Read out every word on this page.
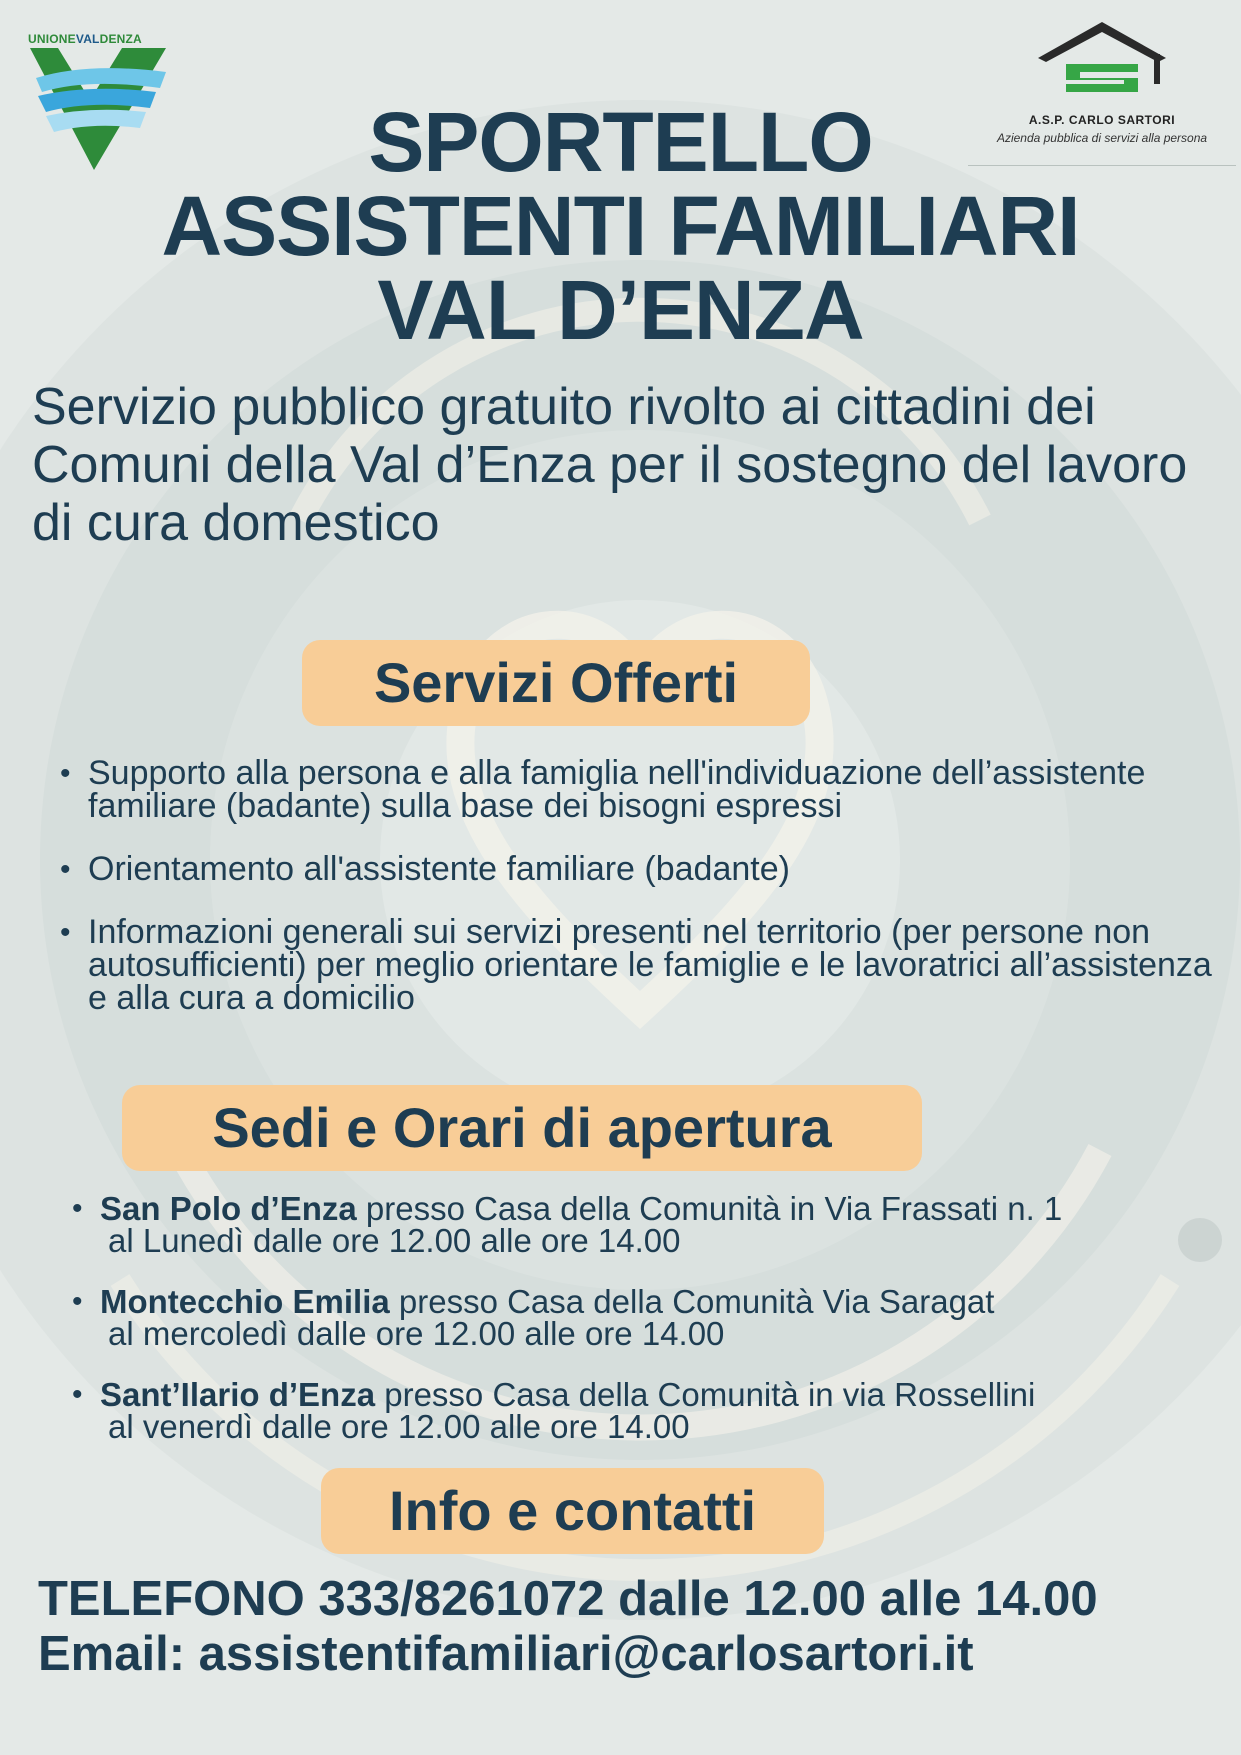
UNIONEVALDENZA
A.S.P. CARLO SARTORI
Azienda pubblica di servizi alla persona
SPORTELLO
ASSISTENTI FAMILIARI
VAL D’ENZA

Servizio pubblico gratuito rivolto ai cittadini dei Comuni della Val d’Enza per il sostegno del lavoro di cura domestico

Servizi Offerti
• Supporto alla persona e alla famiglia nell'individuazione dell’assistente familiare (badante) sulla base dei bisogni espressi
• Orientamento all'assistente familiare (badante)
• Informazioni generali sui servizi presenti nel territorio (per persone non autosufficienti) per meglio orientare le famiglie e le lavoratrici all’assistenza e alla cura a domicilio
Sedi e Orari di apertura
• San Polo d’Enza presso Casa della Comunità in Via Frassati n. 1
al Lunedì dalle ore 12.00 alle ore 14.00
• Montecchio Emilia presso Casa della Comunità Via Saragat
al mercoledì dalle ore 12.00 alle ore 14.00
• Sant’Ilario d’Enza presso Casa della Comunità in via Rossellini
al venerdì dalle ore 12.00 alle ore 14.00
Info e contatti
TELEFONO 333/8261072 dalle 12.00 alle 14.00
Email: assistentifamiliari@carlosartori.it
